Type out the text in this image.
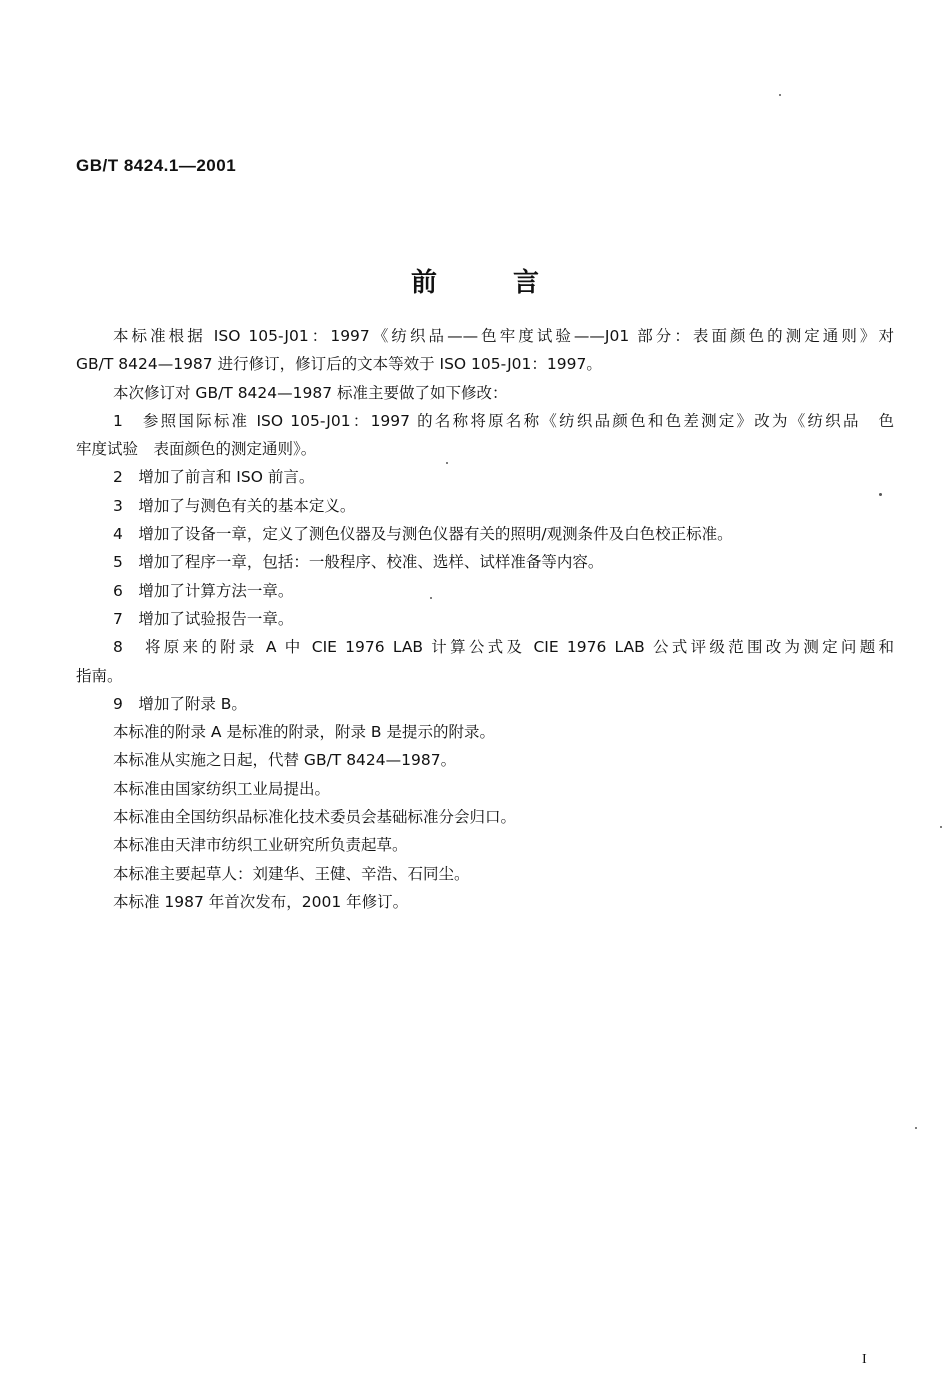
GB/T 8424.1—2001
前言

本标准根据 ISO 105-J01：1997《纺织品——色牢度试验——J01 部分：表面颜色的测定通则》对

GB/T 8424—1987 进行修订，修订后的文本等效于 ISO 105-J01：1997。

本次修订对 GB/T 8424—1987 标准主要做了如下修改：

1　参照国际标准 ISO 105-J01：1997 的名称将原名称《纺织品颜色和色差测定》改为《纺织品　色

牢度试验　表面颜色的测定通则》。

2　增加了前言和 ISO 前言。

3　增加了与测色有关的基本定义。

4　增加了设备一章，定义了测色仪器及与测色仪器有关的照明/观测条件及白色校正标准。

5　增加了程序一章，包括：一般程序、校准、选样、试样准备等内容。

6　增加了计算方法一章。

7　增加了试验报告一章。

8　将原来的附录 A 中 CIE 1976 LAB 计算公式及 CIE 1976 LAB 公式评级范围改为测定问题和

指南。

9　增加了附录 B。

本标准的附录 A 是标准的附录，附录 B 是提示的附录。

本标准从实施之日起，代替 GB/T 8424—1987。

本标准由国家纺织工业局提出。

本标准由全国纺织品标准化技术委员会基础标准分会归口。

本标准由天津市纺织工业研究所负责起草。

本标准主要起草人：刘建华、王健、辛浩、石同尘。

本标准 1987 年首次发布，2001 年修订。

I
